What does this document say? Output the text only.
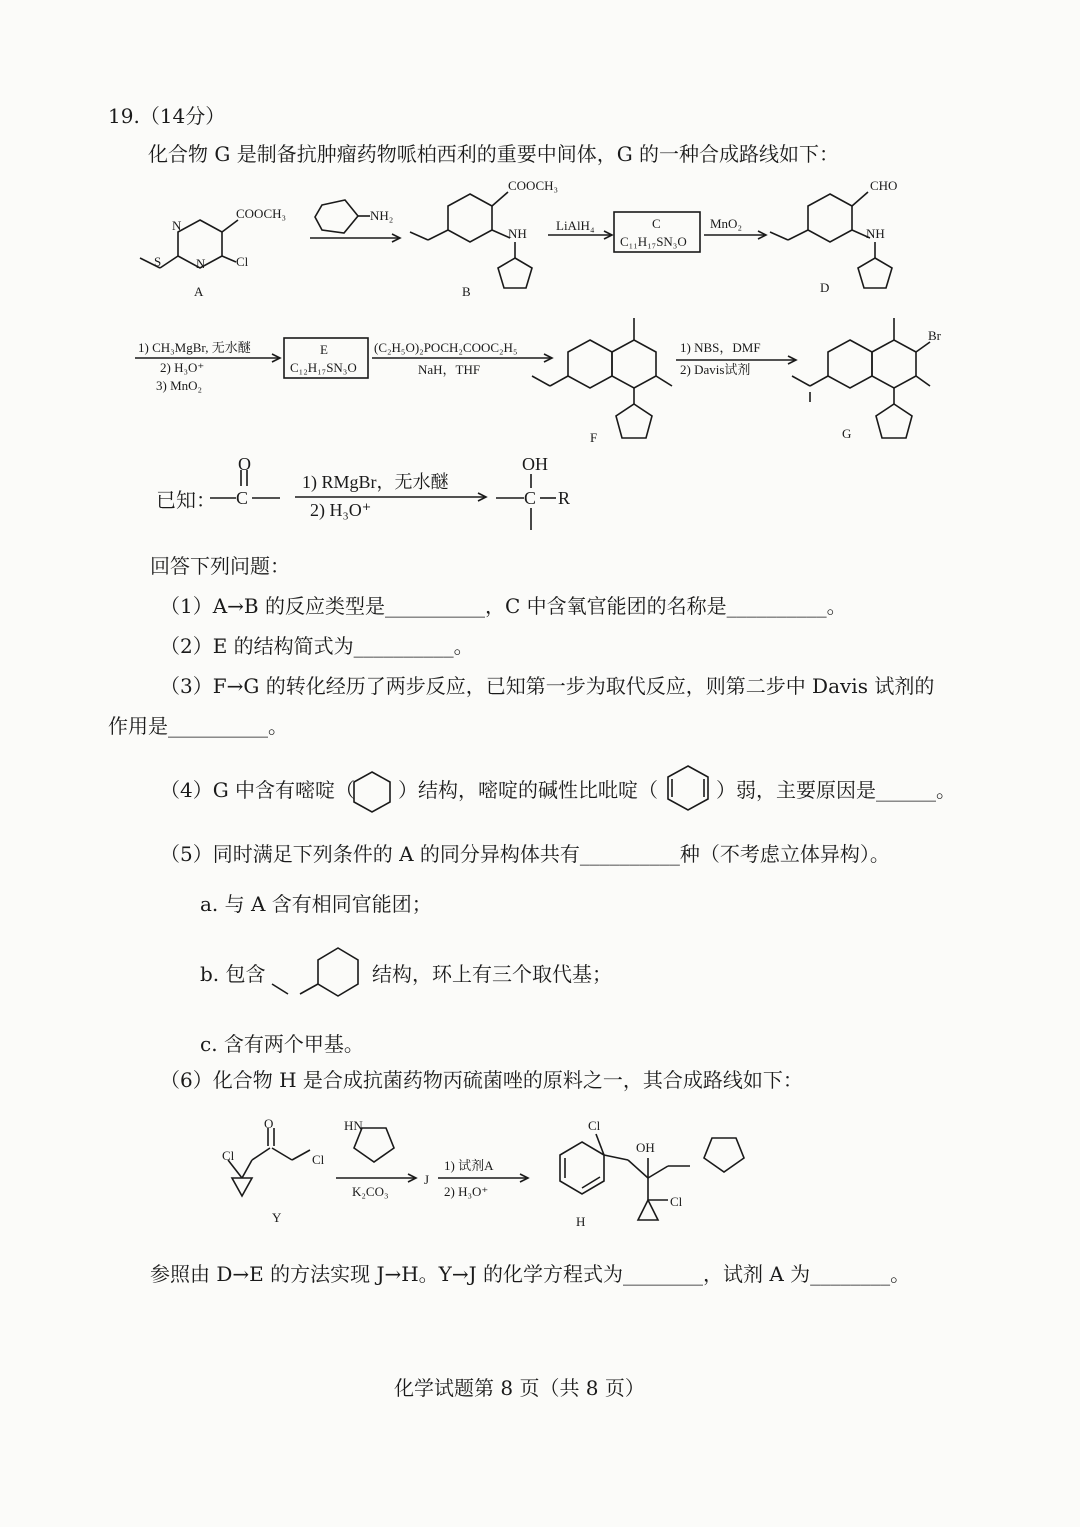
19.（14分）
化合物 G 是制备抗肿瘤药物哌柏西利的重要中间体，G 的一种合成路线如下：
COOCH₃
Cl
N
N
S
A
NH₂
COOCH₃
NH
B
LiAlH₄	C
C₁₁H₁₇SN₃O
MnO₂
CHO
NH
D
1) CH₃MgBr, 无水醚
2) H₃O⁺
3) MnO₂
E
C₁₂H₁₇SN₃O
(C₂H₅O)₂POCH₂COOC₂H₅
NaH，THF
F
1) NBS，DMF
2) Davis试剂
Br
G
O
C
1) RMgBr，无水醚
2) H₃O⁺
OH
C R
Cl
O
Cl
Y
HN
K₂CO₃
J
1) 试剂A
2) H₃O⁺
Cl
OH
Cl
H
已知：
回答下列问题：
（1）A→B 的反应类型是__________，C 中含氧官能团的名称是__________。
（2）E 的结构简式为__________。
（3）F→G 的转化经历了两步反应，已知第一步为取代反应，则第二步中 Davis 试剂的
作用是__________。
（4）G 中含有嘧啶（ ）结构，嘧啶的碱性比吡啶（	）弱，主要原因是______。
（5）同时满足下列条件的 A 的同分异构体共有__________种（不考虑立体异构）。
a. 与 A 含有相同官能团；
b. 包含	结构，环上有三个取代基；
c. 含有两个甲基。
（6）化合物 H 是合成抗菌药物丙硫菌唑的原料之一，其合成路线如下：
参照由 D→E 的方法实现 J→H。Y→J 的化学方程式为________，试剂 A 为________。
化学试题第 8 页（共 8 页）
